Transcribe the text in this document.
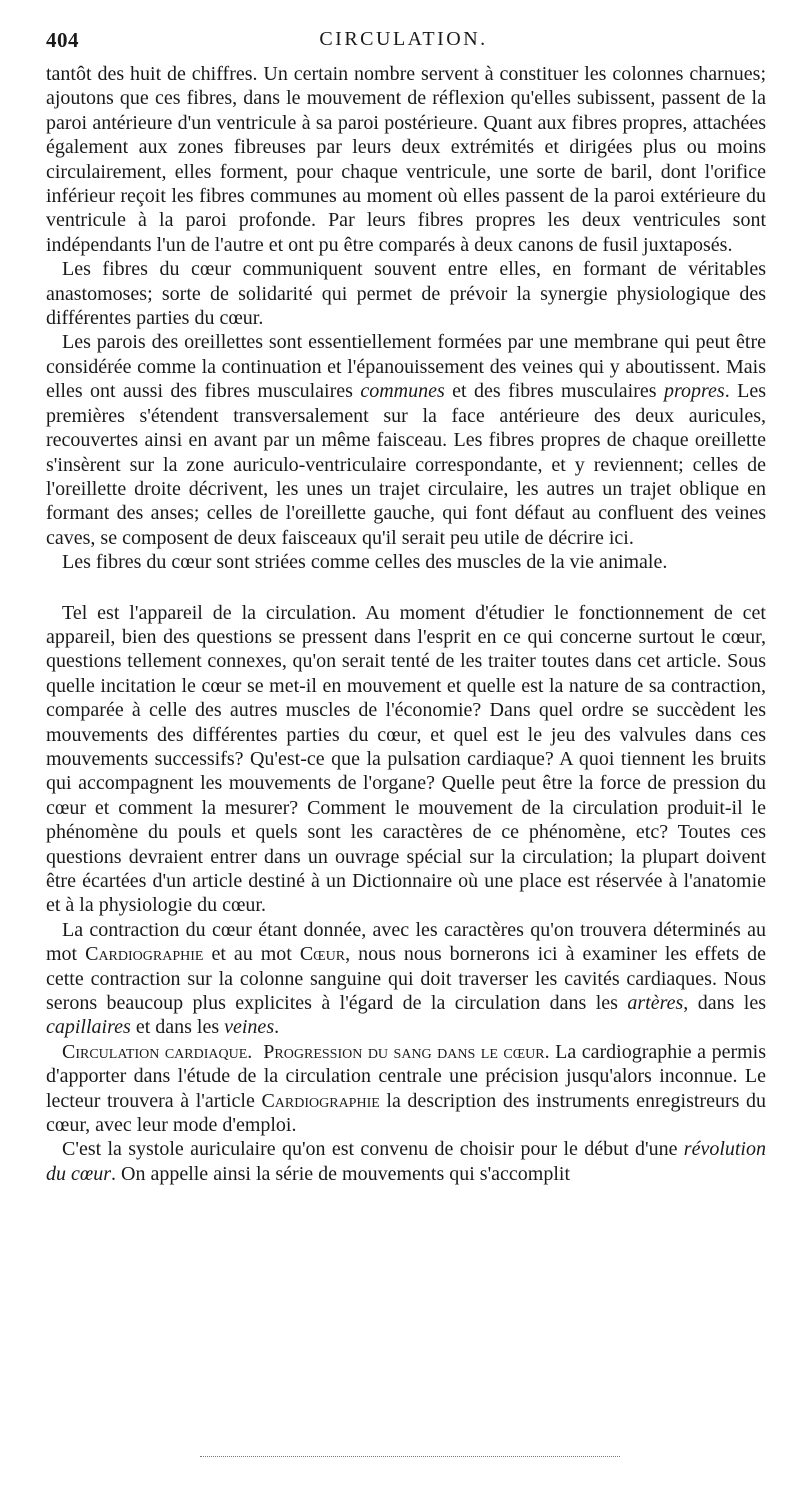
404	CIRCULATION.

tantôt des huit de chiffres. Un certain nombre servent à constituer les colonnes charnues; ajoutons que ces fibres, dans le mouvement de réflexion qu'elles subissent, passent de la paroi antérieure d'un ventricule à sa paroi postérieure. Quant aux fibres propres, attachées également aux zones fibreuses par leurs deux extrémités et dirigées plus ou moins circulairement, elles forment, pour chaque ventricule, une sorte de baril, dont l'orifice inférieur reçoit les fibres communes au moment où elles passent de la paroi extérieure du ventricule à la paroi profonde. Par leurs fibres propres les deux ventricules sont indépendants l'un de l'autre et ont pu être comparés à deux canons de fusil juxtaposés.

Les fibres du cœur communiquent souvent entre elles, en formant de véritables anastomoses; sorte de solidarité qui permet de prévoir la synergie physiologique des différentes parties du cœur.

Les parois des oreillettes sont essentiellement formées par une membrane qui peut être considérée comme la continuation et l'épanouissement des veines qui y aboutissent. Mais elles ont aussi des fibres musculaires communes et des fibres musculaires propres. Les premières s'étendent transversalement sur la face antérieure des deux auricules, recouvertes ainsi en avant par un même faisceau. Les fibres propres de chaque oreillette s'insèrent sur la zone auriculo-ventriculaire correspondante, et y reviennent; celles de l'oreillette droite décrivent, les unes un trajet circulaire, les autres un trajet oblique en formant des anses; celles de l'oreillette gauche, qui font défaut au confluent des veines caves, se composent de deux faisceaux qu'il serait peu utile de décrire ici.

Les fibres du cœur sont striées comme celles des muscles de la vie animale.

Tel est l'appareil de la circulation. Au moment d'étudier le fonctionnement de cet appareil, bien des questions se pressent dans l'esprit en ce qui concerne surtout le cœur, questions tellement connexes, qu'on serait tenté de les traiter toutes dans cet article. Sous quelle incitation le cœur se met-il en mouvement et quelle est la nature de sa contraction, comparée à celle des autres muscles de l'économie? Dans quel ordre se succèdent les mouvements des différentes parties du cœur, et quel est le jeu des valvules dans ces mouvements successifs? Qu'est-ce que la pulsation cardiaque? A quoi tiennent les bruits qui accompagnent les mouvements de l'organe? Quelle peut être la force de pression du cœur et comment la mesurer? Comment le mouvement de la circulation produit-il le phénomène du pouls et quels sont les caractères de ce phénomène, etc? Toutes ces questions devraient entrer dans un ouvrage spécial sur la circulation; la plupart doivent être écartées d'un article destiné à un Dictionnaire où une place est réservée à l'anatomie et à la physiologie du cœur.

La contraction du cœur étant donnée, avec les caractères qu'on trouvera déterminés au mot Cardiographie et au mot Cœur, nous nous bornerons ici à examiner les effets de cette contraction sur la colonne sanguine qui doit traverser les cavités cardiaques. Nous serons beaucoup plus explicites à l'égard de la circulation dans les artères, dans les capillaires et dans les veines.

Circulation cardiaque. Progression du sang dans le cœur. La cardiographie a permis d'apporter dans l'étude de la circulation centrale une précision jusqu'alors inconnue. Le lecteur trouvera à l'article Cardiographie la description des instruments enregistreurs du cœur, avec leur mode d'emploi.

C'est la systole auriculaire qu'on est convenu de choisir pour le début d'une révolution du cœur. On appelle ainsi la série de mouvements qui s'accomplit
